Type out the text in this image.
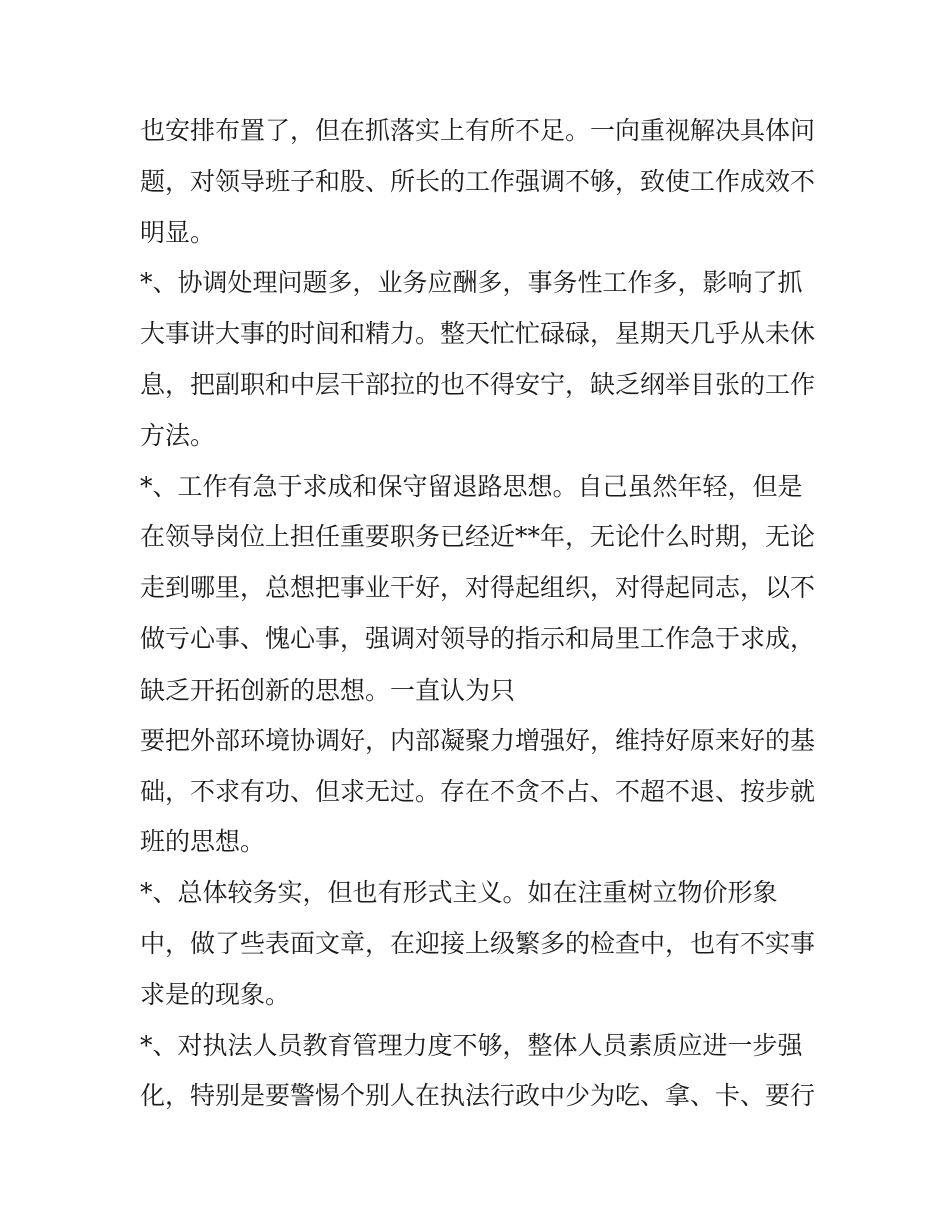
也安排布置了，但在抓落实上有所不足。一向重视解决具体问
题，对领导班子和股、所长的工作强调不够，致使工作成效不
明显。
*、协调处理问题多，业务应酬多，事务性工作多，影响了抓
大事讲大事的时间和精力。整天忙忙碌碌，星期天几乎从未休
息，把副职和中层干部拉的也不得安宁，缺乏纲举目张的工作
方法。
*、工作有急于求成和保守留退路思想。自己虽然年轻，但是
在领导岗位上担任重要职务已经近**年，无论什么时期，无论
走到哪里，总想把事业干好，对得起组织，对得起同志，以不
做亏心事、愧心事，强调对领导的指示和局里工作急于求成，
缺乏开拓创新的思想。一直认为只
要把外部环境协调好，内部凝聚力增强好，维持好原来好的基
础，不求有功、但求无过。存在不贪不占、不超不退、按步就
班的思想。
*、总体较务实，但也有形式主义。如在注重树立物价形象
中，做了些表面文章，在迎接上级繁多的检查中，也有不实事
求是的现象。
*、对执法人员教育管理力度不够，整体人员素质应进一步强
化，特别是要警惕个别人在执法行政中少为吃、拿、卡、要行
